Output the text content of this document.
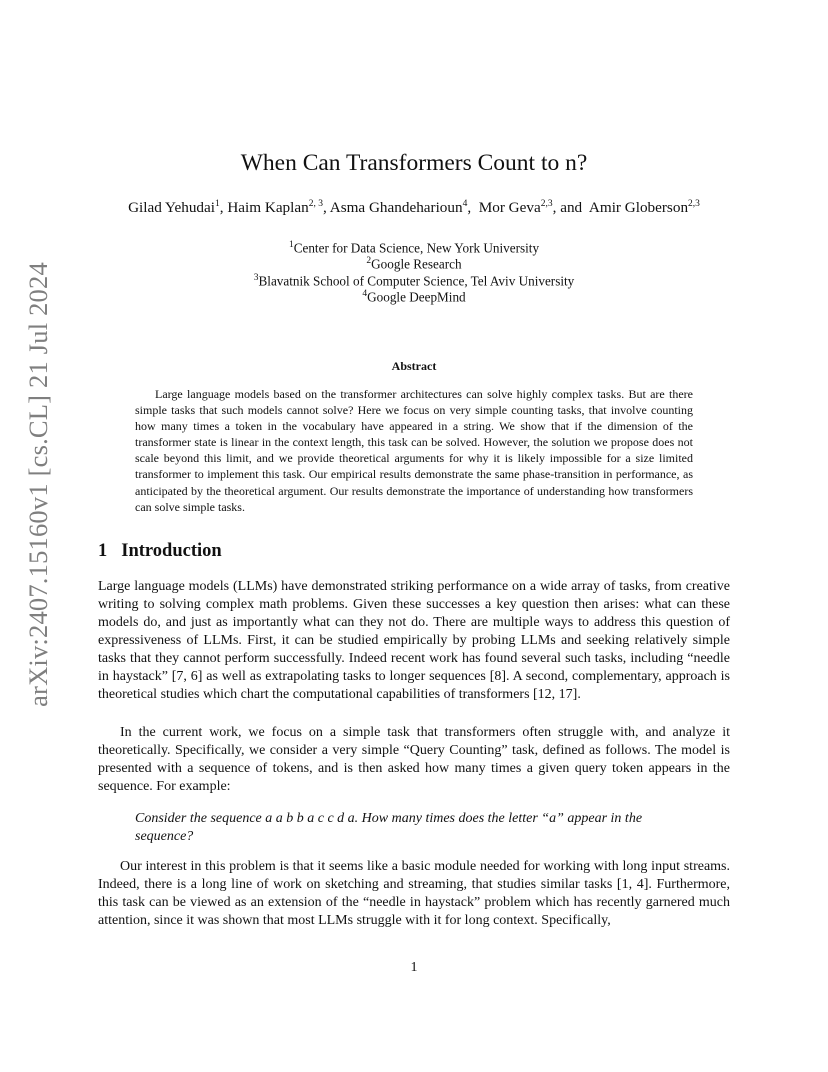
arXiv:2407.15160v1 [cs.CL] 21 Jul 2024
When Can Transformers Count to n?
Gilad Yehudai$^1$, Haim Kaplan$^{2, 3}$, Asma Ghandeharioun$^4$,  Mor Geva$^{2,3}$, and Amir Globerson$^{2,3}$
$^1$Center for Data Science, New York University
$^2$Google Research
$^3$Blavatnik School of Computer Science, Tel Aviv University
$^4$Google DeepMind
Abstract
Large language models based on the transformer architectures can solve highly complex tasks. But are there simple tasks that such models cannot solve? Here we focus on very simple counting tasks, that involve counting how many times a token in the vocabulary have appeared in a string. We show that if the dimension of the transformer state is linear in the context length, this task can be solved. However, the solution we propose does not scale beyond this limit, and we provide theoretical arguments for why it is likely impossible for a size limited transformer to implement this task. Our empirical results demonstrate the same phase-transition in performance, as anticipated by the theoretical argument. Our results demonstrate the importance of understanding how transformers can solve simple tasks.
1 Introduction
Large language models (LLMs) have demonstrated striking performance on a wide array of tasks, from creative writing to solving complex math problems. Given these successes a key question then arises: what can these models do, and just as importantly what can they not do. There are multiple ways to address this question of expressiveness of LLMs. First, it can be studied empirically by probing LLMs and seeking relatively simple tasks that they cannot perform successfully. Indeed recent work has found several such tasks, including “needle in haystack” [7, 6] as well as extrapolating tasks to longer sequences [8]. A second, complementary, approach is theoretical studies which chart the computational capabilities of transformers [12, 17].
In the current work, we focus on a simple task that transformers often struggle with, and analyze it theoretically. Specifically, we consider a very simple “Query Counting” task, defined as follows. The model is presented with a sequence of tokens, and is then asked how many times a given query token appears in the sequence. For example:
Consider the sequence a a b b a c c d a. How many times does the letter “a” appear in the sequence?
Our interest in this problem is that it seems like a basic module needed for working with long input streams. Indeed, there is a long line of work on sketching and streaming, that studies similar tasks [1, 4]. Furthermore, this task can be viewed as an extension of the “needle in haystack” problem which has recently garnered much attention, since it was shown that most LLMs struggle with it for long context. Specifically,
1
